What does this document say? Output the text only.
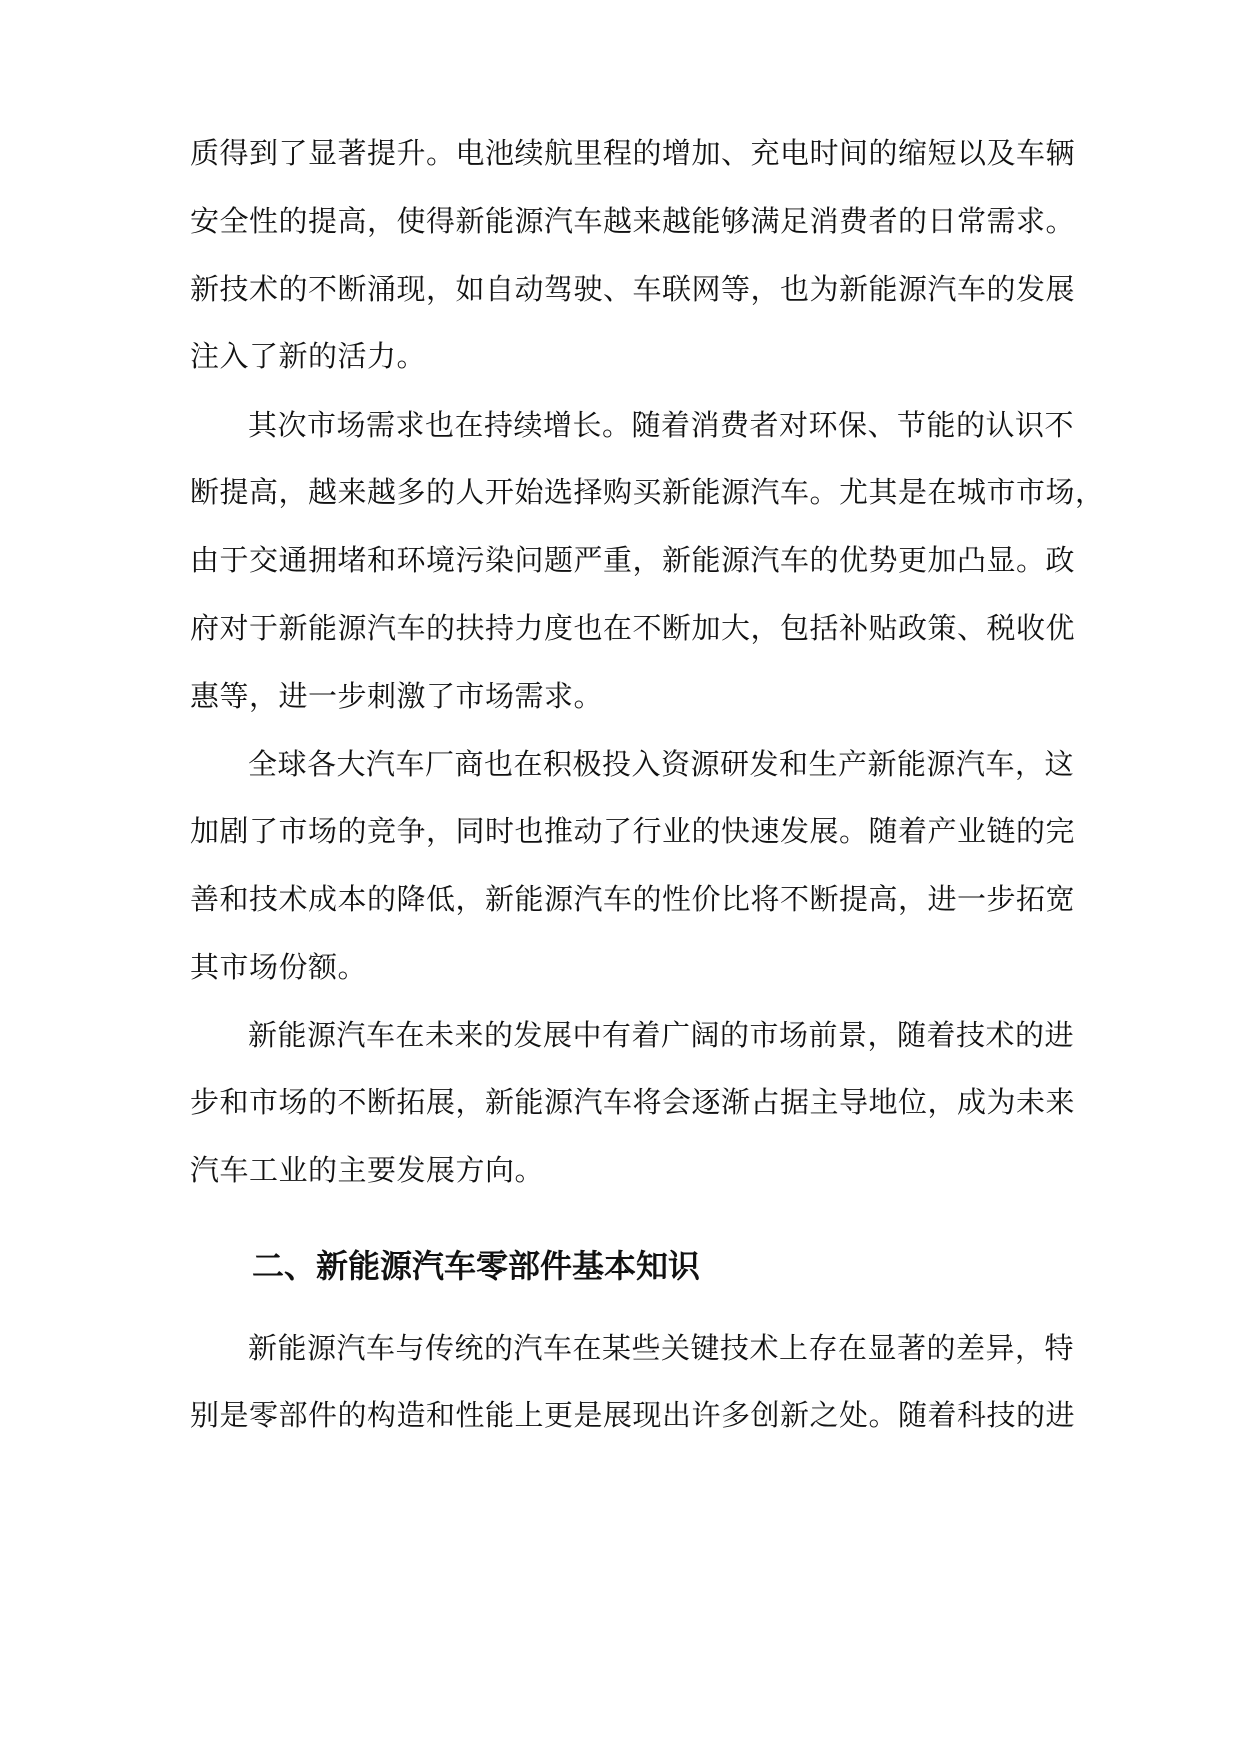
质得到了显著提升。电池续航里程的增加、充电时间的缩短以及车辆
安全性的提高，使得新能源汽车越来越能够满足消费者的日常需求。
新技术的不断涌现，如自动驾驶、车联网等，也为新能源汽车的发展
注入了新的活力。
其次市场需求也在持续增长。随着消费者对环保、节能的认识不
断提高，越来越多的人开始选择购买新能源汽车。尤其是在城市市场，
由于交通拥堵和环境污染问题严重，新能源汽车的优势更加凸显。政
府对于新能源汽车的扶持力度也在不断加大，包括补贴政策、税收优
惠等，进一步刺激了市场需求。
全球各大汽车厂商也在积极投入资源研发和生产新能源汽车，这
加剧了市场的竞争，同时也推动了行业的快速发展。随着产业链的完
善和技术成本的降低，新能源汽车的性价比将不断提高，进一步拓宽
其市场份额。
新能源汽车在未来的发展中有着广阔的市场前景，随着技术的进
步和市场的不断拓展，新能源汽车将会逐渐占据主导地位，成为未来
汽车工业的主要发展方向。
二、新能源汽车零部件基本知识
新能源汽车与传统的汽车在某些关键技术上存在显著的差异，特
别是零部件的构造和性能上更是展现出许多创新之处。随着科技的进
